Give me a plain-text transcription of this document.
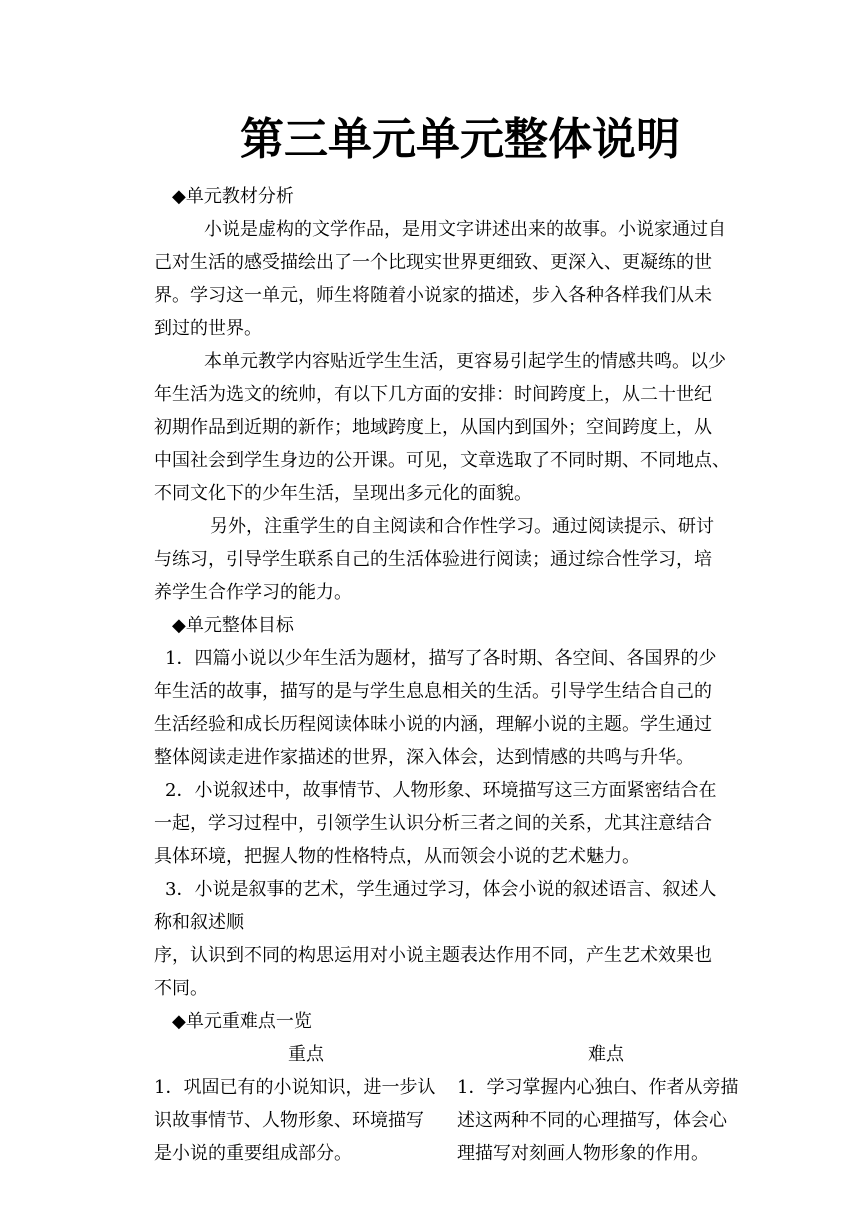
第三单元单元整体说明
◆单元教材分析
小说是虚构的文学作品，是用文字讲述出来的故事。小说家通过自
己对生活的感受描绘出了一个比现实世界更细致、更深入、更凝练的世
界。学习这一单元，师生将随着小说家的描述，步入各种各样我们从未
到过的世界。
本单元教学内容贴近学生生活，更容易引起学生的情感共鸣。以少
年生活为选文的统帅，有以下几方面的安排：时间跨度上，从二十世纪
初期作品到近期的新作；地域跨度上，从国内到国外；空间跨度上，从
中国社会到学生身边的公开课。可见，文章选取了不同时期、不同地点、
不同文化下的少年生活，呈现出多元化的面貌。
另外，注重学生的自主阅读和合作性学习。通过阅读提示、研讨
与练习，引导学生联系自己的生活体验进行阅读；通过综合性学习，培
养学生合作学习的能力。
◆单元整体目标
1．四篇小说以少年生活为题材，描写了各时期、各空间、各国界的少
年生活的故事，描写的是与学生息息相关的生活。引导学生结合自己的
生活经验和成长历程阅读体昧小说的内涵，理解小说的主题。学生通过
整体阅读走进作家描述的世界，深入体会，达到情感的共鸣与升华。
2．小说叙述中，故事情节、人物形象、环境描写这三方面紧密结合在
一起，学习过程中，引领学生认识分析三者之间的关系，尤其注意结合
具体环境，把握人物的性格特点，从而领会小说的艺术魅力。
3．小说是叙事的艺术，学生通过学习，体会小说的叙述语言、叙述人
称和叙述顺
序，认识到不同的构思运用对小说主题表达作用不同，产生艺术效果也
不同。
◆单元重难点一览
重点	难点
1．巩固已有的小说知识，进一步认 1．学习掌握内心独白、作者从旁描
识故事情节、人物形象、环境描写 述这两种不同的心理描写，体会心
是小说的重要组成部分。	理描写对刻画人物形象的作用。
